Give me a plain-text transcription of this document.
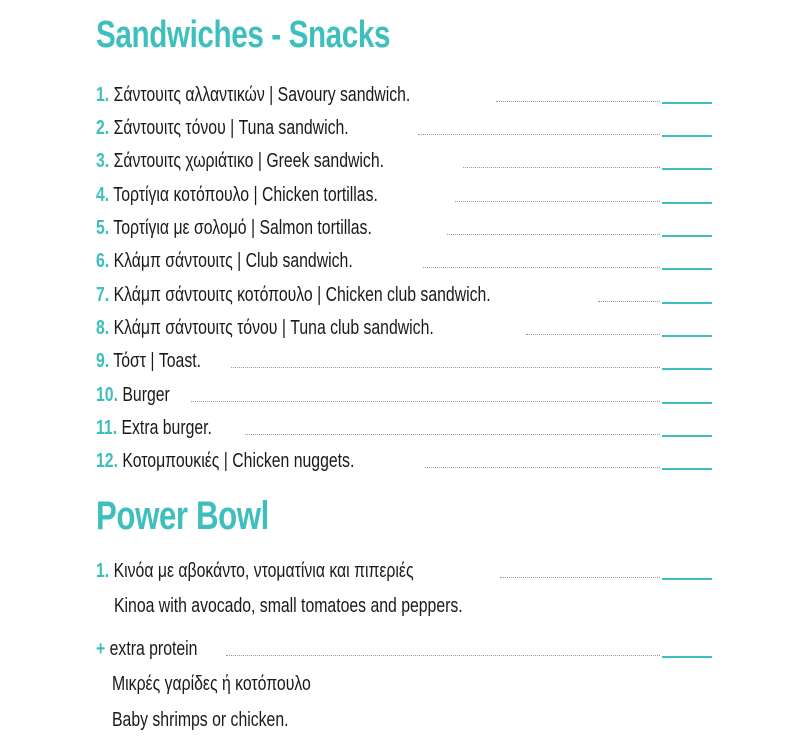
Sandwiches - Snacks
1. Σάντουιτς αλλαντικών | Savoury sandwich.
2. Σάντουιτς τόνου | Tuna sandwich.
3. Σάντουιτς χωριάτικο | Greek sandwich.
4. Τορτίγια κοτόπουλο | Chicken tortillas.
5. Τορτίγια με σολομό | Salmon tortillas.
6. Κλάμπ σάντουιτς | Club sandwich.
7. Κλάμπ σάντουιτς κοτόπουλο | Chicken club sandwich.
8. Κλάμπ σάντουιτς τόνου | Tuna club sandwich.
9. Τόστ | Toast.
10. Burger
11. Extra burger.
12. Κοτομπουκιές | Chicken nuggets.
Power Bowl
1. Κινόα με αβοκάντο, ντοματίνια και πιπεριές
Kinoa with avocado, small tomatoes and peppers.
+ extra protein
Μικρές γαρίδες ή κοτόπουλο
Baby shrimps or chicken.
